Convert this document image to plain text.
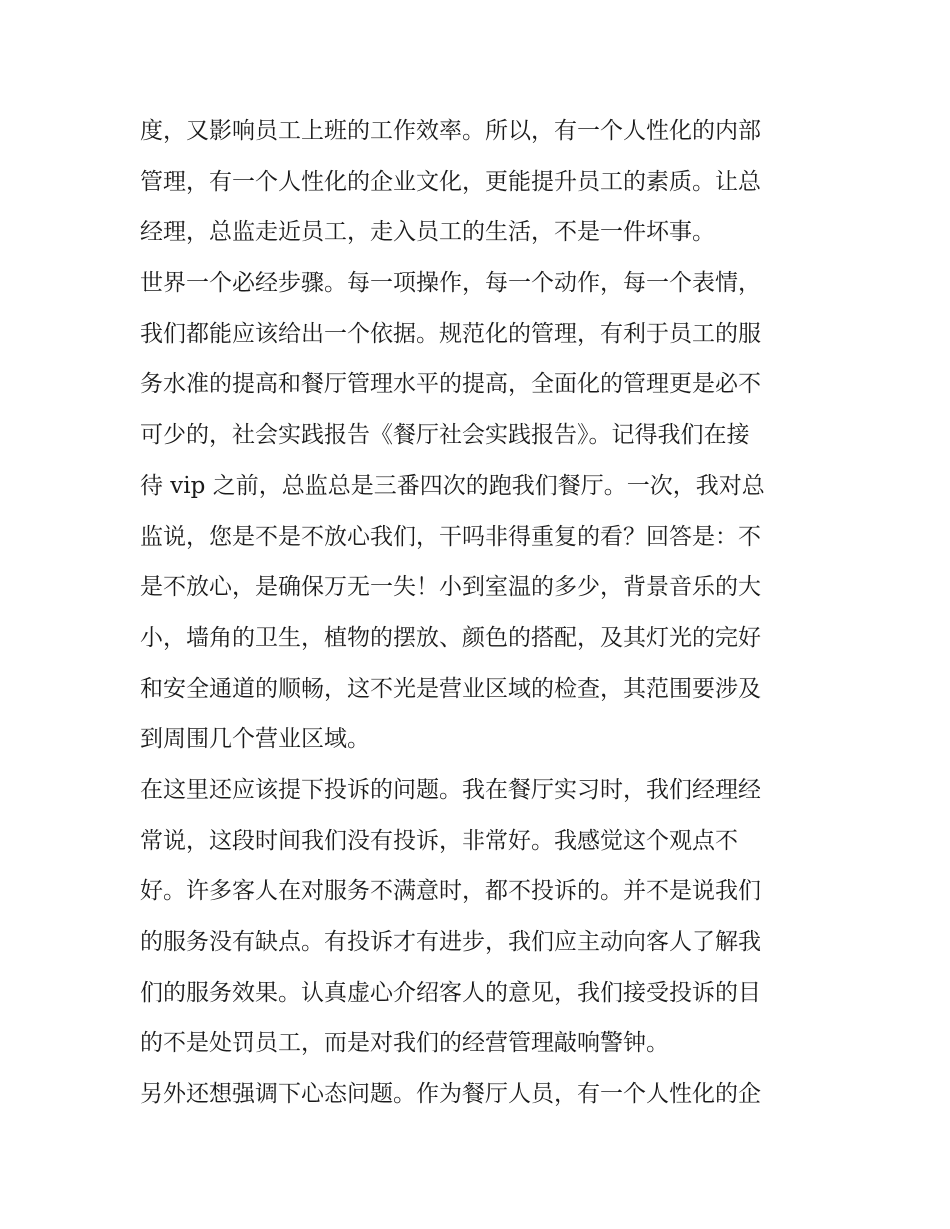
度，又影响员工上班的工作效率。所以，有一个人性化的内部
管理，有一个人性化的企业文化，更能提升员工的素质。让总
经理，总监走近员工，走入员工的生活，不是一件坏事。
世界一个必经步骤。每一项操作，每一个动作，每一个表情，
我们都能应该给出一个依据。规范化的管理，有利于员工的服
务水准的提高和餐厅管理水平的提高，全面化的管理更是必不
可少的，社会实践报告《餐厅社会实践报告》。记得我们在接
待 vip 之前，总监总是三番四次的跑我们餐厅。一次，我对总
监说，您是不是不放心我们，干吗非得重复的看？回答是：不
是不放心，是确保万无一失！小到室温的多少，背景音乐的大
小，墙角的卫生，植物的摆放、颜色的搭配，及其灯光的完好
和安全通道的顺畅，这不光是营业区域的检查，其范围要涉及
到周围几个营业区域。
在这里还应该提下投诉的问题。我在餐厅实习时，我们经理经
常说，这段时间我们没有投诉，非常好。我感觉这个观点不
好。许多客人在对服务不满意时，都不投诉的。并不是说我们
的服务没有缺点。有投诉才有进步，我们应主动向客人了解我
们的服务效果。认真虚心介绍客人的意见，我们接受投诉的目
的不是处罚员工，而是对我们的经营管理敲响警钟。
另外还想强调下心态问题。作为餐厅人员，有一个人性化的企
